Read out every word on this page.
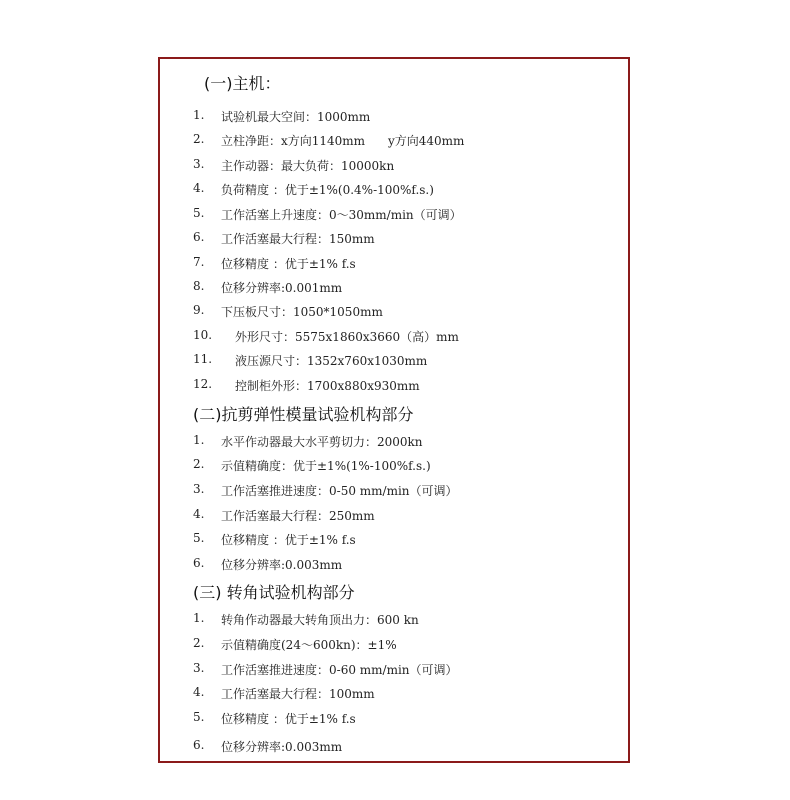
(一)主机：
1. 试验机最大空间：1000mm
2. 立柱净距：x方向1140mm      y方向440mm
3. 主作动器：最大负荷：10000kn
4. 负荷精度 ：优于±1%(0.4%-100%f.s.)
5. 工作活塞上升速度：0～30mm/min（可调）
6. 工作活塞最大行程：150mm
7. 位移精度 ：优于±1% f.s
8. 位移分辨率:0.001mm
9. 下压板尺寸：1050*1050mm
10. 外形尺寸：5575x1860x3660（高）mm
11. 液压源尺寸：1352x760x1030mm
12. 控制柜外形：1700x880x930mm
(二)抗剪弹性模量试验机构部分
1. 水平作动器最大水平剪切力：2000kn
2. 示值精确度：优于±1%(1%-100%f.s.)
3. 工作活塞推进速度：0-50 mm/min（可调）
4. 工作活塞最大行程：250mm
5. 位移精度 ：优于±1% f.s
6. 位移分辨率:0.003mm
(三) 转角试验机构部分
1. 转角作动器最大转角顶出力：600 kn
2. 示值精确度(24～600kn)：±1%
3. 工作活塞推进速度：0-60 mm/min（可调）
4. 工作活塞最大行程：100mm
5. 位移精度 ：优于±1% f.s
6. 位移分辨率:0.003mm
